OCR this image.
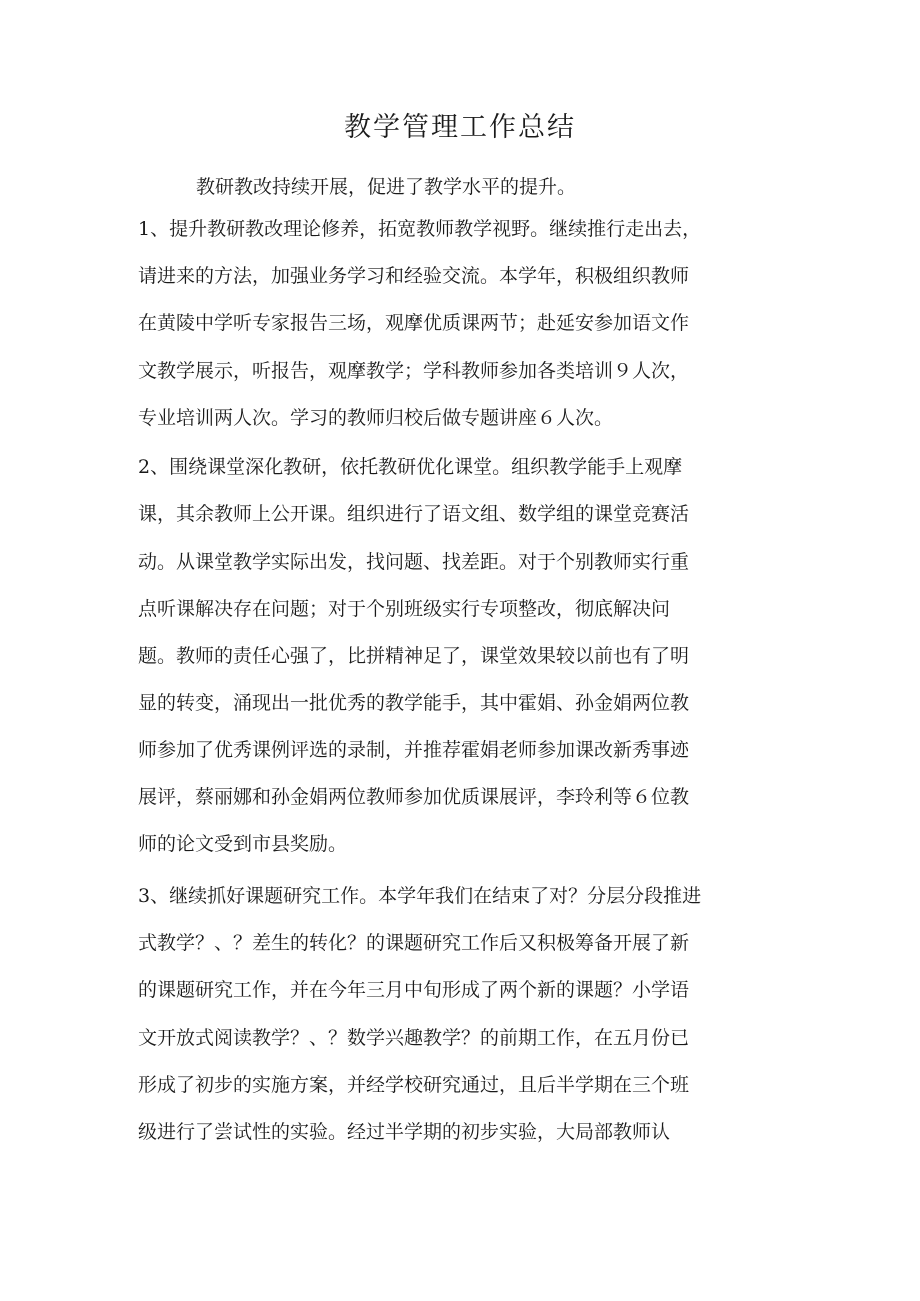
教学管理工作总结
教研教改持续开展，促进了教学水平的提升。
1、提升教研教改理论修养，拓宽教师教学视野。继续推行走出去，
请进来的方法，加强业务学习和经验交流。本学年，积极组织教师
在黄陵中学听专家报告三场，观摩优质课两节；赴延安参加语文作
文教学展示，听报告，观摩教学；学科教师参加各类培训９人次，
专业培训两人次。学习的教师归校后做专题讲座６人次。
2、围绕课堂深化教研，依托教研优化课堂。组织教学能手上观摩
课，其余教师上公开课。组织进行了语文组、数学组的课堂竞赛活
动。从课堂教学实际出发，找问题、找差距。对于个别教师实行重
点听课解决存在问题；对于个别班级实行专项整改，彻底解决问
题。教师的责任心强了，比拼精神足了，课堂效果较以前也有了明
显的转变，涌现出一批优秀的教学能手，其中霍娟、孙金娟两位教
师参加了优秀课例评选的录制，并推荐霍娟老师参加课改新秀事迹
展评，蔡丽娜和孙金娟两位教师参加优质课展评，李玲利等６位教
师的论文受到市县奖励。
3、继续抓好课题研究工作。本学年我们在结束了对？分层分段推进
式教学？、？差生的转化？的课题研究工作后又积极筹备开展了新
的课题研究工作，并在今年三月中旬形成了两个新的课题？小学语
文开放式阅读教学？、？数学兴趣教学？的前期工作，在五月份已
形成了初步的实施方案，并经学校研究通过，且后半学期在三个班
级进行了尝试性的实验。经过半学期的初步实验，大局部教师认
